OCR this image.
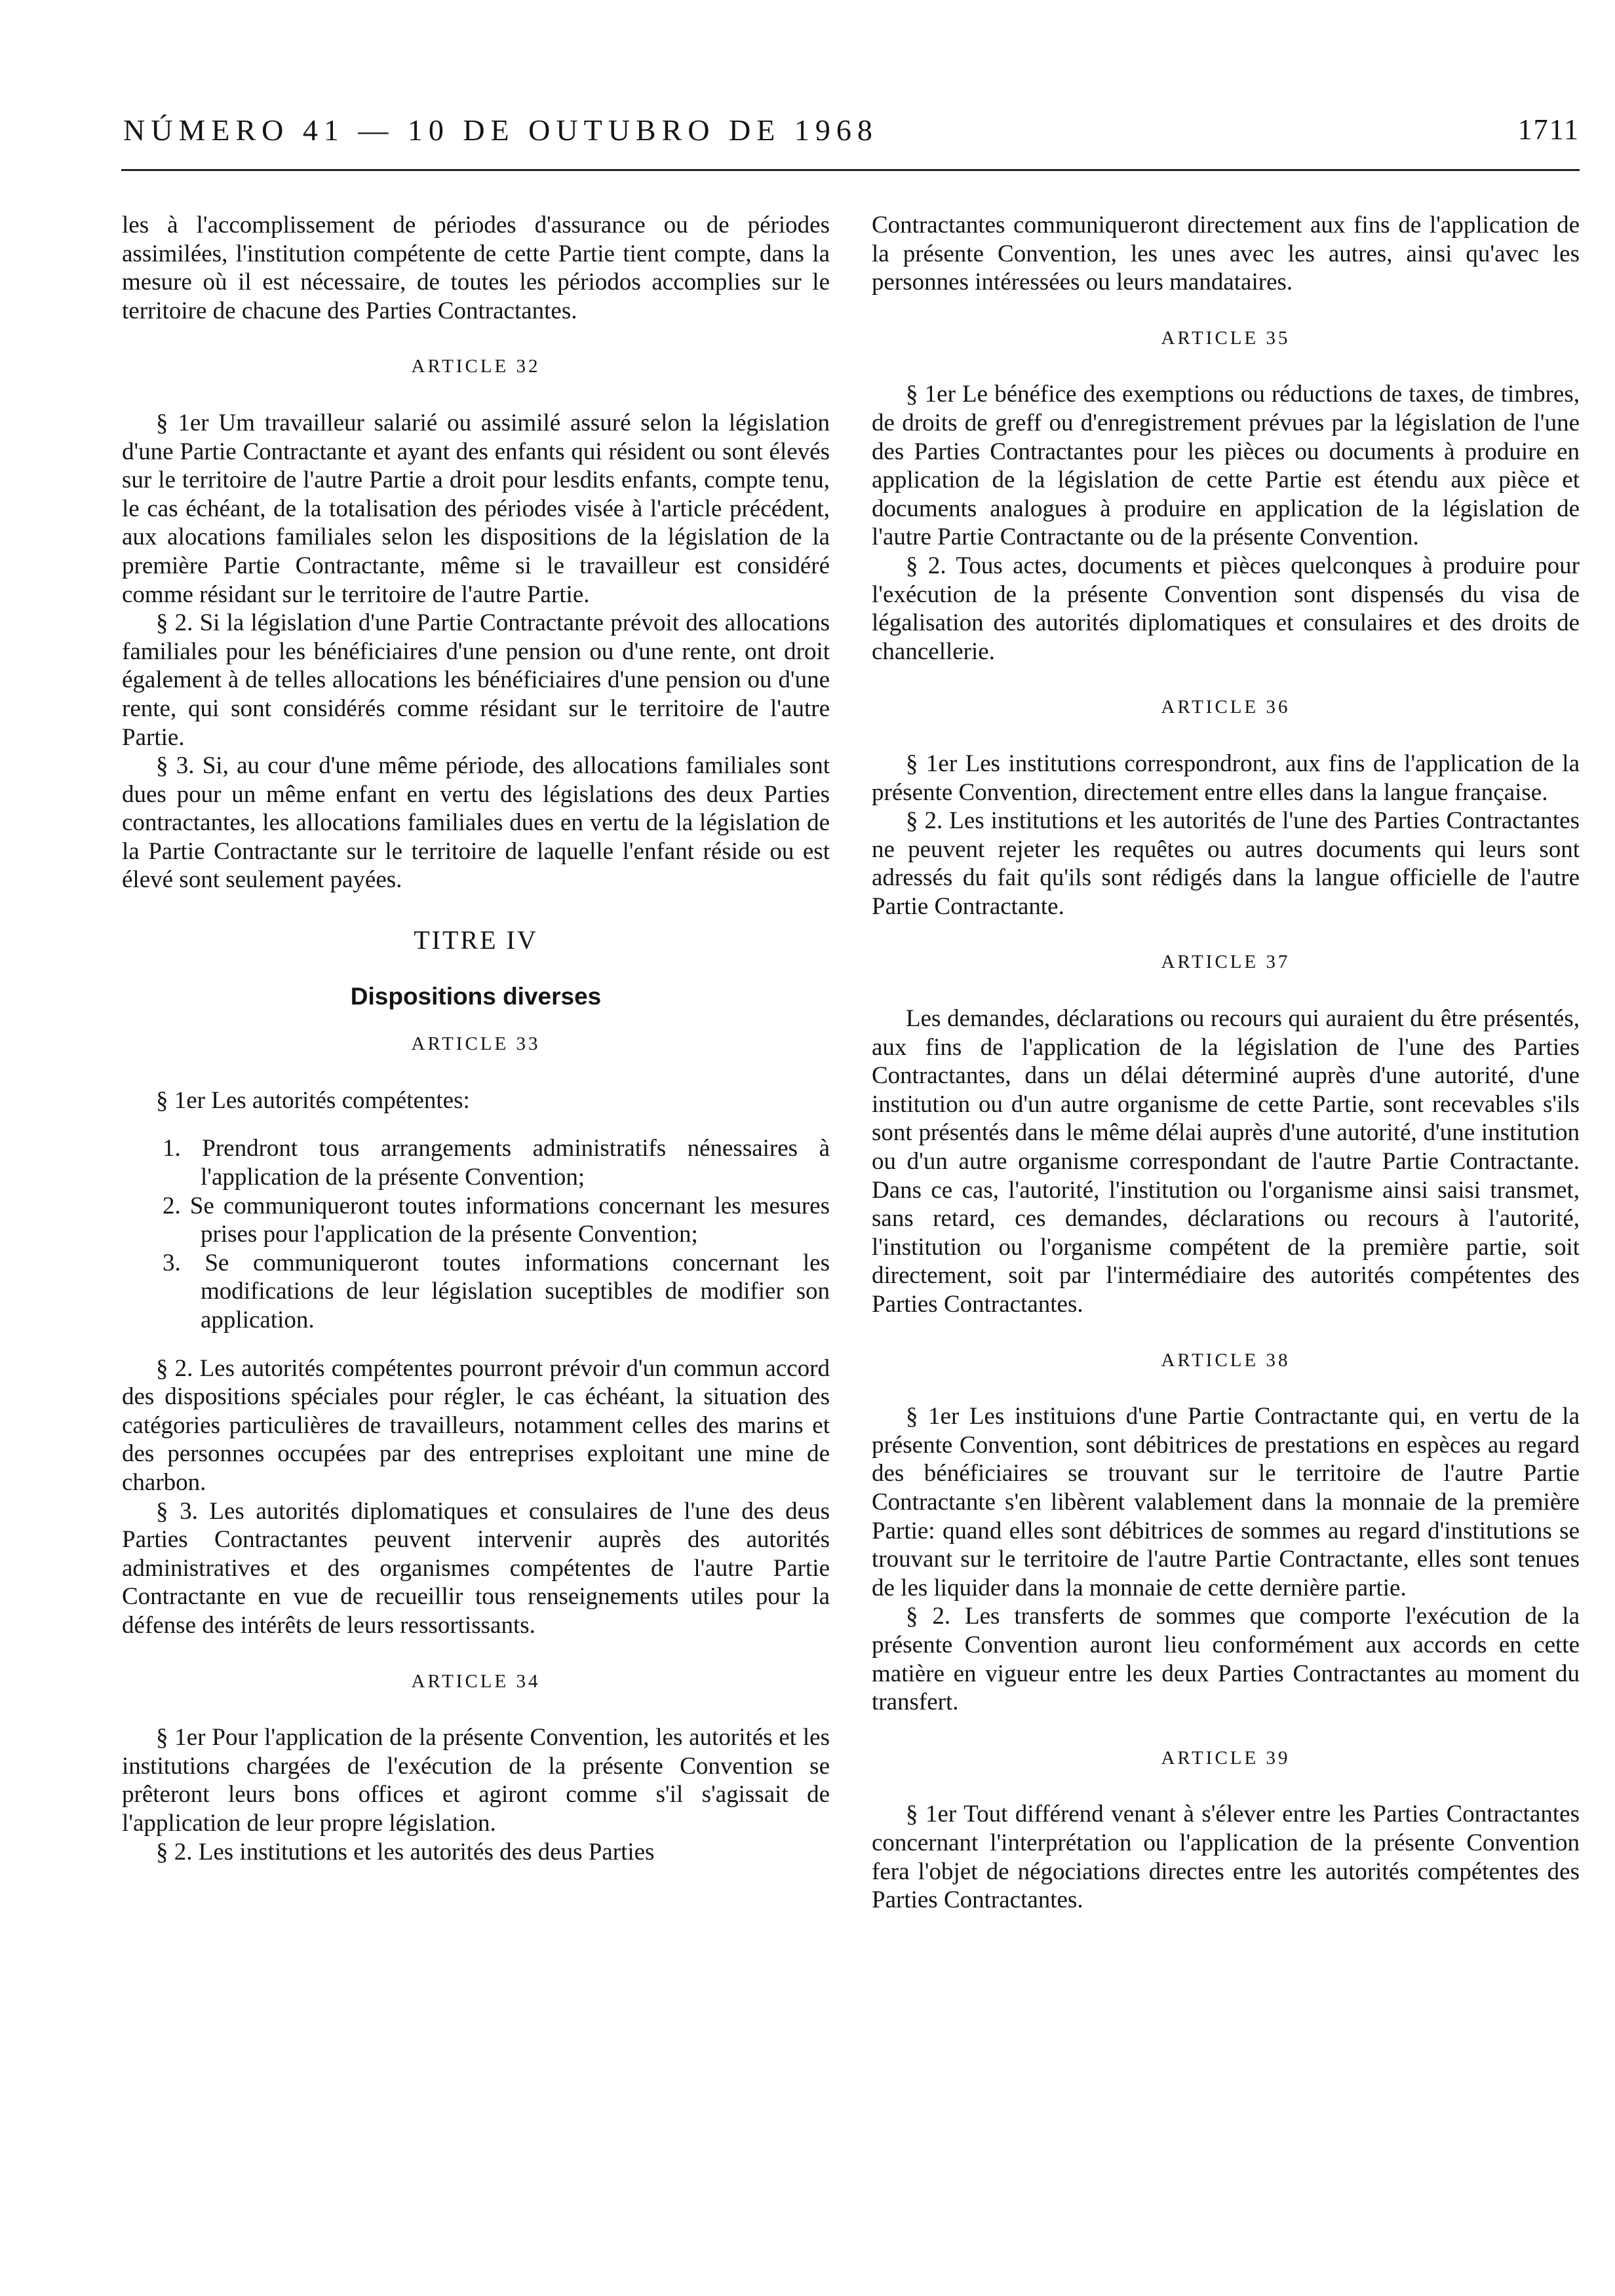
NÚMERO 41 — 10 DE OUTUBRO DE 1968	1711

les à l'accomplissement de périodes d'assurance ou de périodes assimilées, l'institution compétente de cette Partie tient compte, dans la mesure où il est nécessaire, de toutes les périodos accomplies sur le territoire de chacune des Parties Contractantes.

ARTICLE 32

§ 1er Um travailleur salarié ou assimilé assuré selon la législation d'une Partie Contractante et ayant des enfants qui résident ou sont élevés sur le territoire de l'autre Partie a droit pour lesdits enfants, compte tenu, le cas échéant, de la totalisation des périodes visée à l'article précédent, aux alocations familiales selon les dispositions de la législation de la première Partie Contractante, même si le travailleur est considéré comme résidant sur le territoire de l'autre Partie.

§ 2. Si la législation d'une Partie Contractante prévoit des allocations familiales pour les bénéficiaires d'une pension ou d'une rente, ont droit également à de telles allocations les bénéficiaires d'une pension ou d'une rente, qui sont considérés comme résidant sur le territoire de l'autre Partie.

§ 3. Si, au cour d'une même période, des allocations familiales sont dues pour un même enfant en vertu des législations des deux Parties contractantes, les allocations familiales dues en vertu de la législation de la Partie Contractante sur le territoire de laquelle l'enfant réside ou est élevé sont seulement payées.

TITRE IV
Dispositions diverses

ARTICLE 33

§ 1er Les autorités compétentes:

1. Prendront tous arrangements administratifs nénessaires à l'application de la présente Convention;
2. Se communiqueront toutes informations concernant les mesures prises pour l'application de la présente Convention;
3. Se communiqueront toutes informations concernant les modifications de leur législation suceptibles de modifier son application.

§ 2. Les autorités compétentes pourront prévoir d'un commun accord des dispositions spéciales pour régler, le cas échéant, la situation des catégories particulières de travailleurs, notamment celles des marins et des personnes occupées par des entreprises exploitant une mine de charbon.

§ 3. Les autorités diplomatiques et consulaires de l'une des deus Parties Contractantes peuvent intervenir auprès des autorités administratives et des organismes compétentes de l'autre Partie Contractante en vue de recueillir tous renseignements utiles pour la défense des intérêts de leurs ressortissants.

ARTICLE 34

§ 1er Pour l'application de la présente Convention, les autorités et les institutions chargées de l'exécution de la présente Convention se prêteront leurs bons offices et agiront comme s'il s'agissait de l'application de leur propre législation.

§ 2. Les institutions et les autorités des deus Parties

Contractantes communiqueront directement aux fins de l'application de la présente Convention, les unes avec les autres, ainsi qu'avec les personnes intéressées ou leurs mandataires.

ARTICLE 35

§ 1er Le bénéfice des exemptions ou réductions de taxes, de timbres, de droits de greff ou d'enregistrement prévues par la législation de l'une des Parties Contractantes pour les pièces ou documents à produire en application de la législation de cette Partie est étendu aux pièce et documents analogues à produire en application de la législation de l'autre Partie Contractante ou de la présente Convention.

§ 2. Tous actes, documents et pièces quelconques à produire pour l'exécution de la présente Convention sont dispensés du visa de légalisation des autorités diplomatiques et consulaires et des droits de chancellerie.

ARTICLE 36

§ 1er Les institutions correspondront, aux fins de l'application de la présente Convention, directement entre elles dans la langue française.

§ 2. Les institutions et les autorités de l'une des Parties Contractantes ne peuvent rejeter les requêtes ou autres documents qui leurs sont adressés du fait qu'ils sont rédigés dans la langue officielle de l'autre Partie Contractante.

ARTICLE 37

Les demandes, déclarations ou recours qui auraient du être présentés, aux fins de l'application de la législation de l'une des Parties Contractantes, dans un délai déterminé auprès d'une autorité, d'une institution ou d'un autre organisme de cette Partie, sont recevables s'ils sont présentés dans le même délai auprès d'une autorité, d'une institution ou d'un autre organisme correspondant de l'autre Partie Contractante. Dans ce cas, l'autorité, l'institution ou l'organisme ainsi saisi transmet, sans retard, ces demandes, déclarations ou recours à l'autorité, l'institution ou l'organisme compétent de la première partie, soit directement, soit par l'intermédiaire des autorités compétentes des Parties Contractantes.

ARTICLE 38

§ 1er Les instituions d'une Partie Contractante qui, en vertu de la présente Convention, sont débitrices de prestations en espèces au regard des bénéficiaires se trouvant sur le territoire de l'autre Partie Contractante s'en libèrent valablement dans la monnaie de la première Partie: quand elles sont débitrices de sommes au regard d'institutions se trouvant sur le territoire de l'autre Partie Contractante, elles sont tenues de les liquider dans la monnaie de cette dernière partie.

§ 2. Les transferts de sommes que comporte l'exécution de la présente Convention auront lieu conformément aux accords en cette matière en vigueur entre les deux Parties Contractantes au moment du transfert.

ARTICLE 39

§ 1er Tout différend venant à s'élever entre les Parties Contractantes concernant l'interprétation ou l'application de la présente Convention fera l'objet de négociations directes entre les autorités compétentes des Parties Contractantes.
